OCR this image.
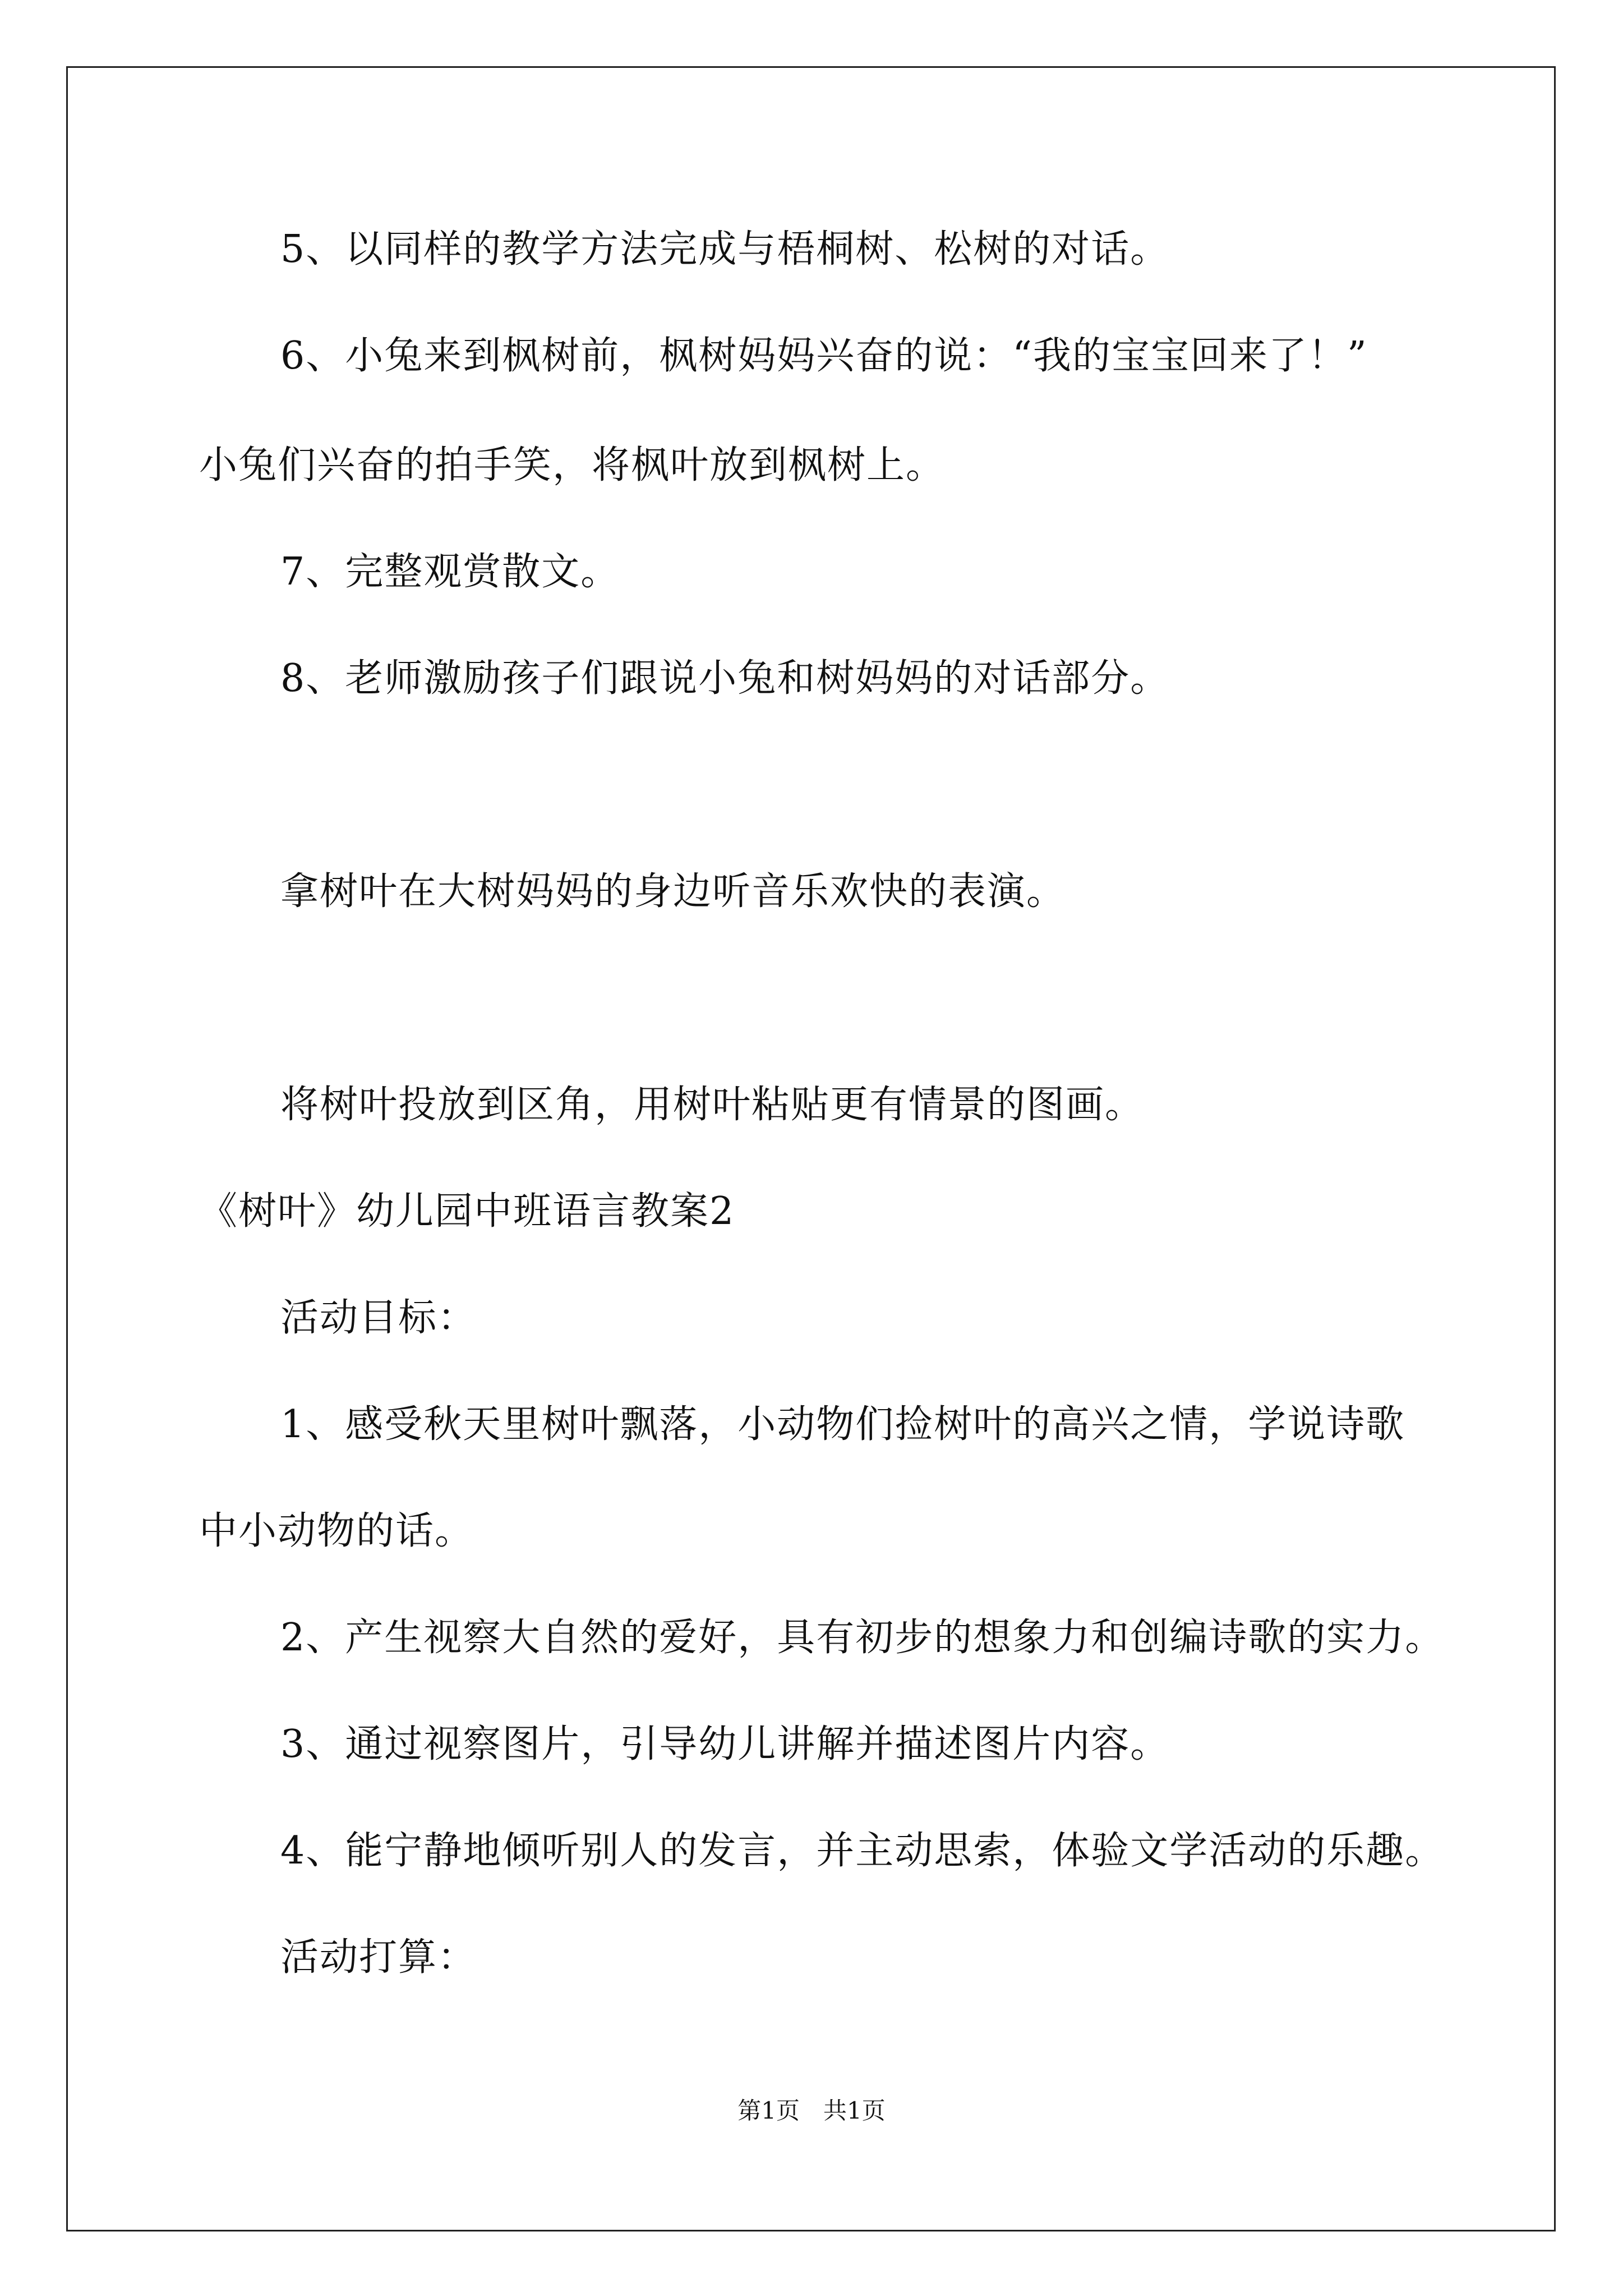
5、以同样的教学方法完成与梧桐树、松树的对话。
6、小兔来到枫树前，枫树妈妈兴奋的说：“我的宝宝回来了！”
小兔们兴奋的拍手笑，将枫叶放到枫树上。
7、完整观赏散文。
8、老师激励孩子们跟说小兔和树妈妈的对话部分。
拿树叶在大树妈妈的身边听音乐欢快的表演。
将树叶投放到区角，用树叶粘贴更有情景的图画。
《树叶》幼儿园中班语言教案2
活动目标：
1、感受秋天里树叶飘落，小动物们捡树叶的高兴之情，学说诗歌
中小动物的话。
2、产生视察大自然的爱好，具有初步的想象力和创编诗歌的实力。
3、通过视察图片，引导幼儿讲解并描述图片内容。
4、能宁静地倾听别人的发言，并主动思索，体验文学活动的乐趣。
活动打算：
第1页　共1页
